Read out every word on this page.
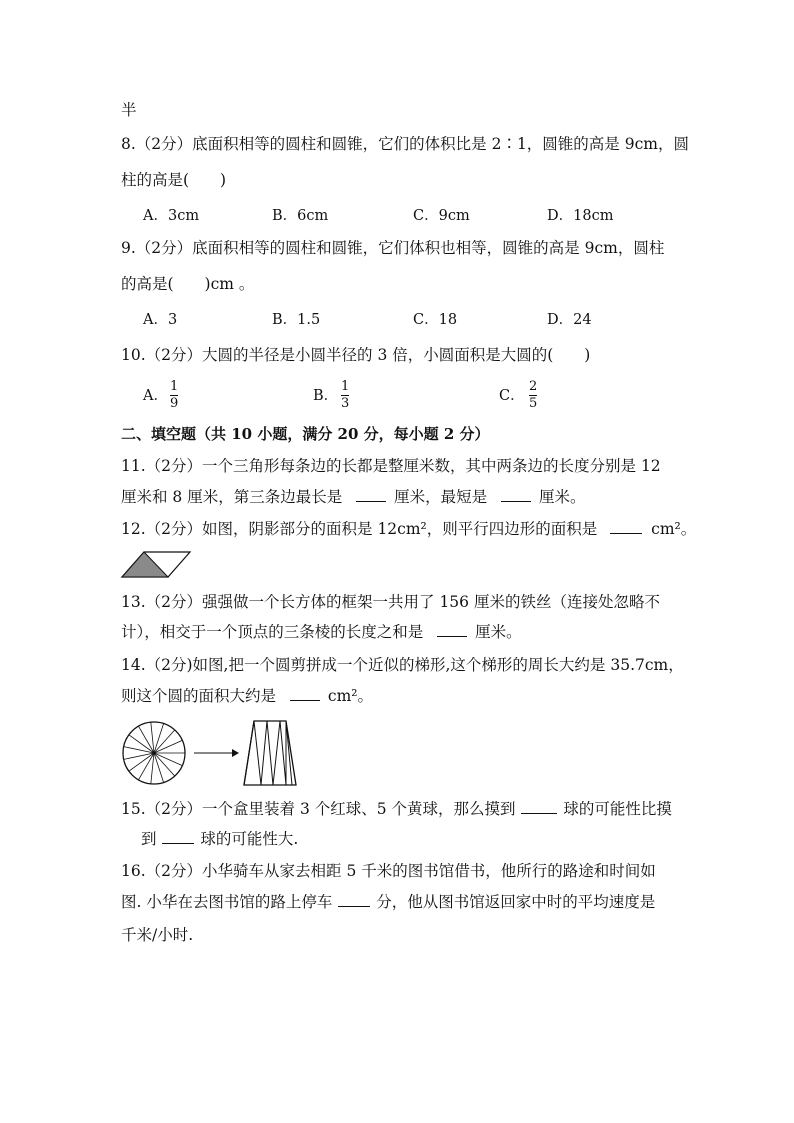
半
8.（2分）底面积相等的圆柱和圆锥，它们的体积比是 2∶1，圆锥的高是 9cm，圆
柱的高是(　　)
A．3cm	B．6cm	C．9cm	D．18cm
9.（2分）底面积相等的圆柱和圆锥，它们体积也相等，圆锥的高是 9cm，圆柱
的高是(　　)cm 。
A．3	B．1.5	C．18	D．24
10.（2分）大圆的半径是小圆半径的 3 倍，小圆面积是大圆的(　　)
A．
1
9	B．
1
3	C．
2
5
二、填空题（共 10 小题，满分 20 分，每小题 2 分）
11.（2分）一个三角形每条边的长都是整厘米数，其中两条边的长度分别是 12
厘米和 8 厘米，第三条边最长是	厘米，最短是	厘米。
12.（2分）如图，阴影部分的面积是 12cm²，则平行四边形的面积是	cm²。
13.（2分）强强做一个长方体的框架一共用了 156 厘米的铁丝（连接处忽略不
计），相交于一个顶点的三条棱的长度之和是	厘米。
14.（2分)如图,把一个圆剪拼成一个近似的梯形,这个梯形的周长大约是 35.7cm，
则这个圆的面积大约是	cm²。
15.（2分）一个盒里装着 3 个红球、5 个黄球，那么摸到	球的可能性比摸
到	球的可能性大.
16.（2分）小华骑车从家去相距 5 千米的图书馆借书，他所行的路途和时间如
图. 小华在去图书馆的路上停车	分，他从图书馆返回家中时的平均速度是
千米/小时.
